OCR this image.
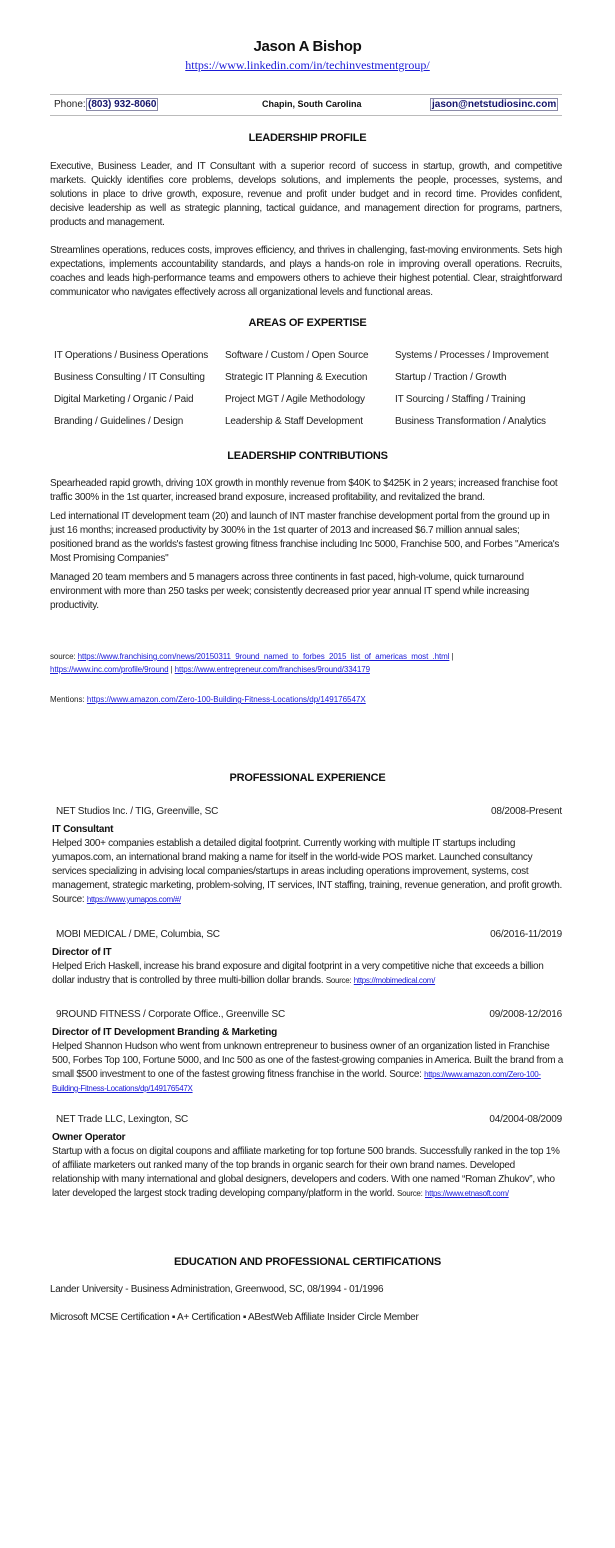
Jason A Bishop
https://www.linkedin.com/in/techinvestmentgroup/
Phone: (803) 932-8060	Chapin, South Carolina	jason@netstudiosinc.com
LEADERSHIP PROFILE

Executive, Business Leader, and IT Consultant with a superior record of success in startup, growth, and competitive markets. Quickly identifies core problems, develops solutions, and implements the people, processes, systems, and solutions in place to drive growth, exposure, revenue and profit under budget and in record time. Provides confident, decisive leadership as well as strategic planning, tactical guidance, and management direction for programs, partners, products and management.

Streamlines operations, reduces costs, improves efficiency, and thrives in challenging, fast-moving environments. Sets high expectations, implements accountability standards, and plays a hands-on role in improving overall operations. Recruits, coaches and leads high-performance teams and empowers others to achieve their highest potential. Clear, straightforward communicator who navigates effectively across all organizational levels and functional areas.

AREAS OF EXPERTISE
IT Operations / Business Operations	Software / Custom / Open Source	Systems / Processes / Improvement
Business Consulting / IT Consulting	Strategic IT Planning & Execution	Startup / Traction / Growth
Digital Marketing / Organic / Paid	Project MGT / Agile Methodology	IT Sourcing / Staffing / Training
Branding / Guidelines / Design	Leadership & Staff Development	Business Transformation / Analytics
LEADERSHIP CONTRIBUTIONS

Spearheaded rapid growth, driving 10X growth in monthly revenue from $40K to $425K in 2 years; increased franchise foot traffic 300% in the 1st quarter, increased brand exposure, increased profitability, and revitalized the brand.

Led international IT development team (20) and launch of INT master franchise development portal from the ground up in just 16 months; increased productivity by 300% in the 1st quarter of 2013 and increased $6.7 million annual sales; positioned brand as the worlds's fastest growing fitness franchise including Inc 5000, Franchise 500, and Forbes "America's Most Promising Companies"

Managed 20 team members and 5 managers across three continents in fast paced, high-volume, quick turnaround environment with more than 250 tasks per week; consistently decreased prior year annual IT spend while increasing productivity.

source: https://www.franchising.com/news/20150311_9round_named_to_forbes_2015_list_of_americas_most_.html | https://www.inc.com/profile/9round | https://www.entrepreneur.com/franchises/9round/334179
Mentions: https://www.amazon.com/Zero-100-Building-Fitness-Locations/dp/149176547X
PROFESSIONAL EXPERIENCE
NET Studios Inc. / TIG, Greenville, SC	08/2008-Present
IT Consultant

Helped 300+ companies establish a detailed digital footprint. Currently working with multiple IT startups including yumapos.com, an international brand making a name for itself in the world-wide POS market. Launched consultancy services specializing in advising local companies/startups in areas including operations improvement, systems, cost management, strategic marketing, problem-solving, IT services, INT staffing, training, revenue generation, and profit growth. Source: https://www.yumapos.com/#/

MOBI MEDICAL / DME, Columbia, SC	06/2016-11/2019
Director of IT

Helped Erich Haskell, increase his brand exposure and digital footprint in a very competitive niche that exceeds a billion dollar industry that is controlled by three multi-billion dollar brands. Source: https://mobimedical.com/

9ROUND FITNESS / Corporate Office., Greenville SC	09/2008-12/2016
Director of IT Development Branding & Marketing

Helped Shannon Hudson who went from unknown entrepreneur to business owner of an organization listed in Franchise 500, Forbes Top 100, Fortune 5000, and Inc 500 as one of the fastest-growing companies in America. Built the brand from a small $500 investment to one of the fastest growing fitness franchise in the world. Source: https://www.amazon.com/Zero-100-Building-Fitness-Locations/dp/149176547X

NET Trade LLC, Lexington, SC	04/2004-08/2009
Owner Operator

Startup with a focus on digital coupons and affiliate marketing for top fortune 500 brands. Successfully ranked in the top 1% of affiliate marketers out ranked many of the top brands in organic search for their own brand names. Developed relationship with many international and global designers, developers and coders. With one named “Roman Zhukov”, who later developed the largest stock trading developing company/platform in the world. Source: https://www.etnasoft.com/

EDUCATION AND PROFESSIONAL CERTIFICATIONS
Lander University - Business Administration, Greenwood, SC, 08/1994 - 01/1996
Microsoft MCSE Certification ▪ A+ Certification ▪ ABestWeb Affiliate Insider Circle Member
